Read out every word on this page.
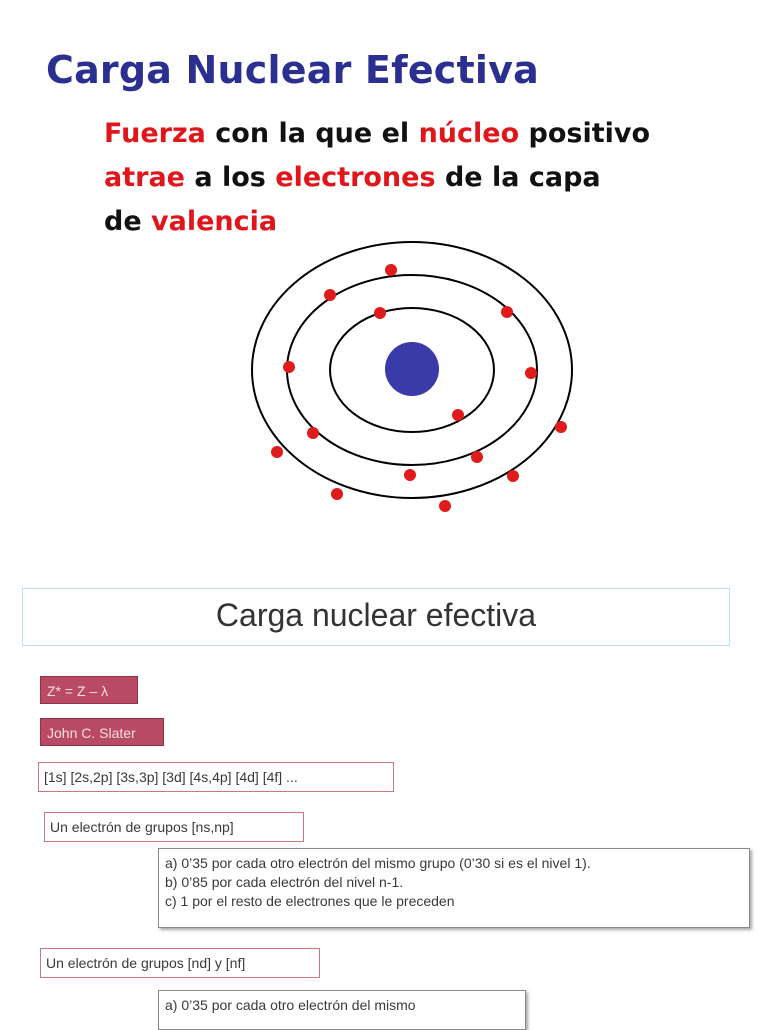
Carga Nuclear Efectiva
Fuerza con la que el núcleo positivo
atrae a los electrones de la capa
de valencia
Carga nuclear efectiva
Z* = Z – λ
John C. Slater
[1s] [2s,2p] [3s,3p] [3d] [4s,4p] [4d] [4f] ...
Un electrón de grupos [ns,np]
a) 0’35 por cada otro electrón del mismo grupo (0’30 si es el nivel 1).
b) 0’85 por cada electrón del nivel n-1.
c) 1 por el resto de electrones que le preceden
Un electrón de grupos [nd] y [nf]
a) 0’35 por cada otro electrón del mismo
